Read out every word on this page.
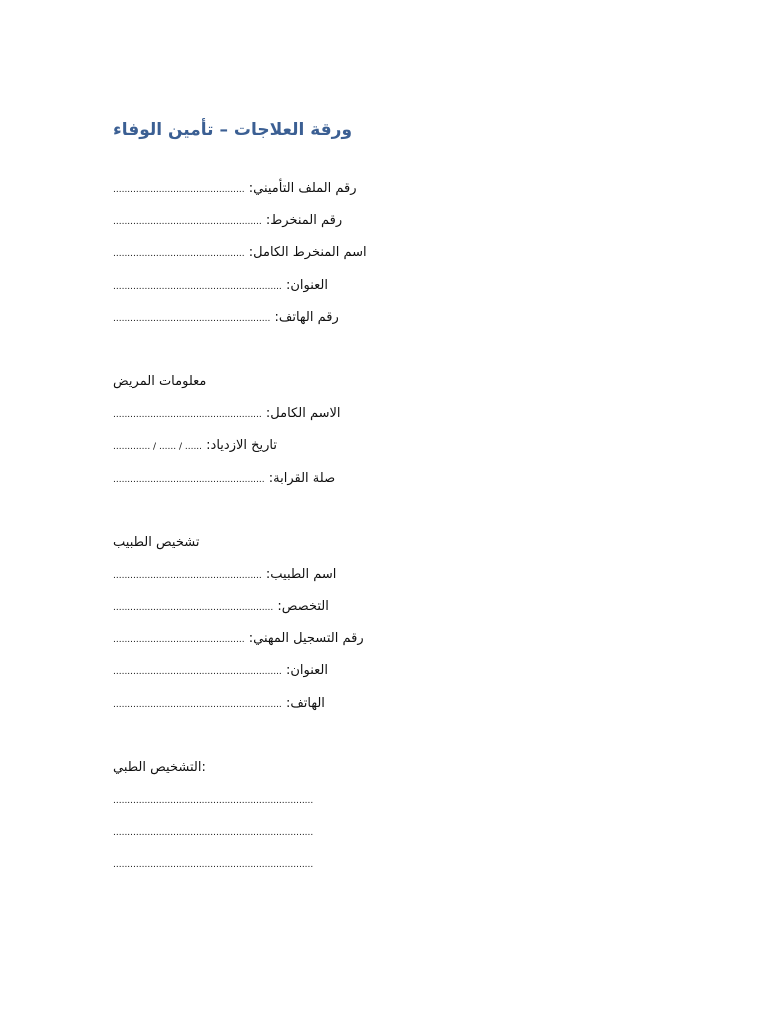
ورقة العلاجات – تأمين الوفاء
رقم الملف التأميني: ..............................................
رقم المنخرط: ....................................................
اسم المنخرط الكامل: ..............................................
العنوان: ...........................................................
رقم الهاتف: .......................................................
معلومات المريض
الاسم الكامل: ....................................................
تاريخ الازدياد: ...... / ...... / .............
صلة القرابة: .....................................................
تشخيص الطبيب
اسم الطبيب: ....................................................
التخصص: ........................................................
رقم التسجيل المهني: ..............................................
العنوان: ...........................................................
الهاتف: ...........................................................
التشخيص الطبي:
......................................................................
......................................................................
......................................................................
